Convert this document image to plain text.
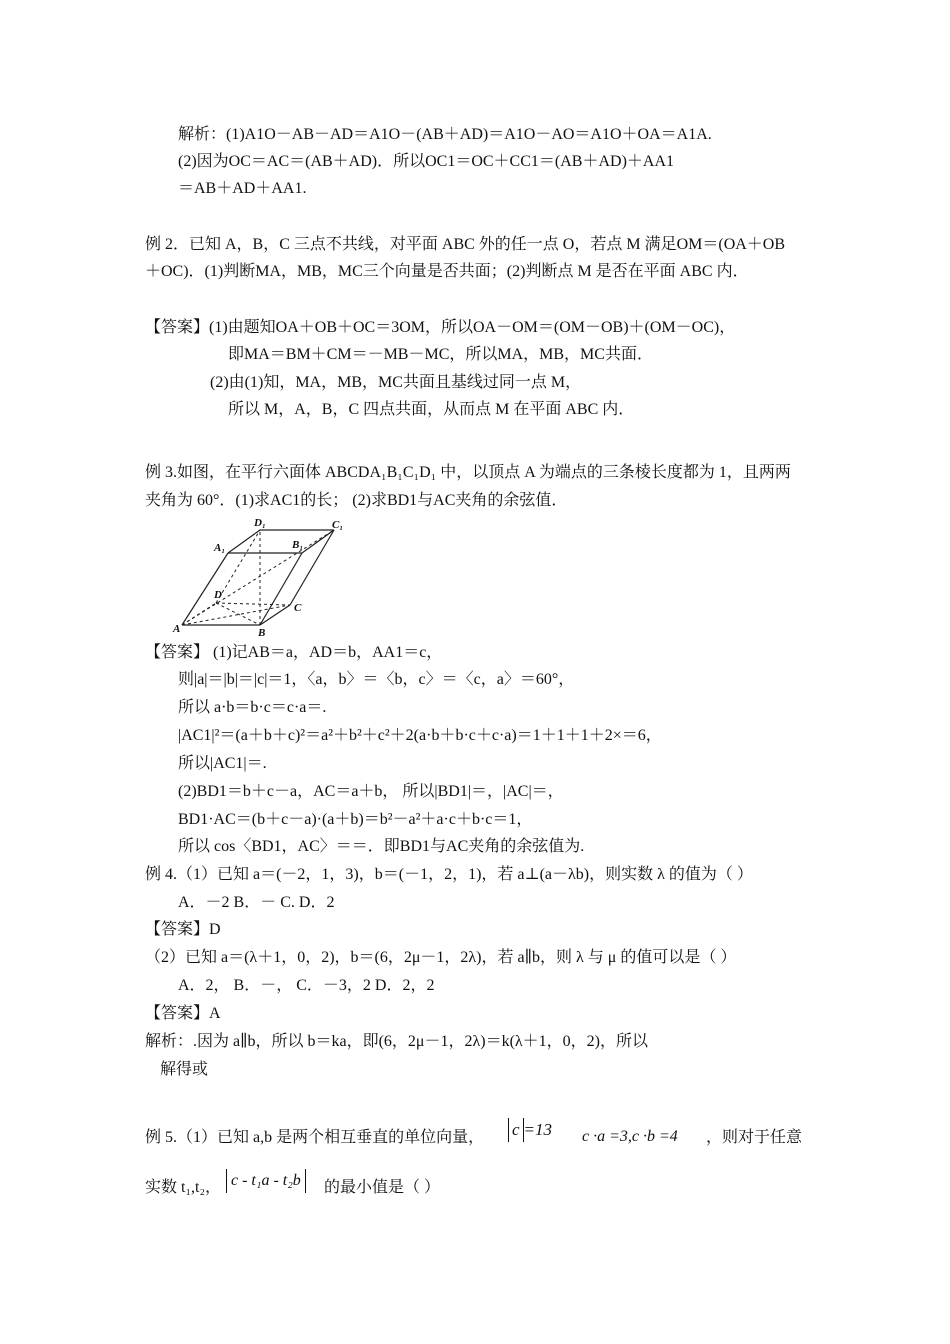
解析：(1)A1O－AB－AD＝A1O－(AB＋AD)＝A1O－AO＝A1O＋OA＝A1A.
(2)因为OC＝AC＝(AB＋AD)．所以OC1＝OC＋CC1＝(AB＋AD)＋AA1
＝AB＋AD＋AA1.
例 2．已知 A，B，C 三点不共线，对平面 ABC 外的任一点 O，若点 M 满足OM＝(OA＋OB
＋OC)．(1)判断MA，MB，MC三个向量是否共面；(2)判断点 M 是否在平面 ABC 内．
【答案】(1)由题知OA＋OB＋OC＝3OM，所以OA－OM＝(OM－OB)＋(OM－OC)，
即MA＝BM＋CM＝－MB－MC，所以MA，MB，MC共面．
(2)由(1)知，MA，MB，MC共面且基线过同一点 M，
所以 M，A，B，C 四点共面，从而点 M 在平面 ABC 内．
例 3.如图，在平行六面体 ABCDA₁B₁C₁D₁ 中，以顶点 A 为端点的三条棱长度都为 1，且两两
夹角为 60°．(1)求AC1的长； (2)求BD1与AC夹角的余弦值．
D₁	C₁
A₁	B₁
D
C
A	B
【答案】 (1)记AB＝a，AD＝b，AA1＝c，
则|a|＝|b|＝|c|＝1，〈a，b〉＝〈b，c〉＝〈c，a〉＝60°，
所以 a·b＝b·c＝c·a＝.
|AC1|²＝(a＋b＋c)²＝a²＋b²＋c²＋2(a·b＋b·c＋c·a)＝1＋1＋1＋2×＝6，
所以|AC1|＝.
(2)BD1＝b＋c－a，AC＝a＋b， 所以|BD1|＝，|AC|＝，
BD1·AC＝(b＋c－a)·(a＋b)＝b²－a²＋a·c＋b·c＝1，
所以 cos〈BD1，AC〉＝＝．即BD1与AC夹角的余弦值为.
例 4.（1）已知 a＝(－2，1，3)，b＝(－1，2，1)，若 a⊥(a－λb)，则实数 λ 的值为（ ）
A．－2 B．－ C. D．2
【答案】D
（2）已知 a＝(λ＋1，0，2)，b＝(6，2μ－1，2λ)，若 a∥b，则 λ 与 μ 的值可以是（ ）
A．2， B．－， C．－3，2 D．2，2
【答案】A
解析：.因为 a∥b，所以 b＝ka，即(6，2μ－1，2λ)＝k(λ＋1，0，2)，所以
解得或
例 5.（1）已知 a,b 是两个相互垂直的单位向量， c =13 c ·a =3,c ·b =4 ，则对于任意
实数 t₁,t₂， c - t₁a - t₂b	的最小值是（ ）
